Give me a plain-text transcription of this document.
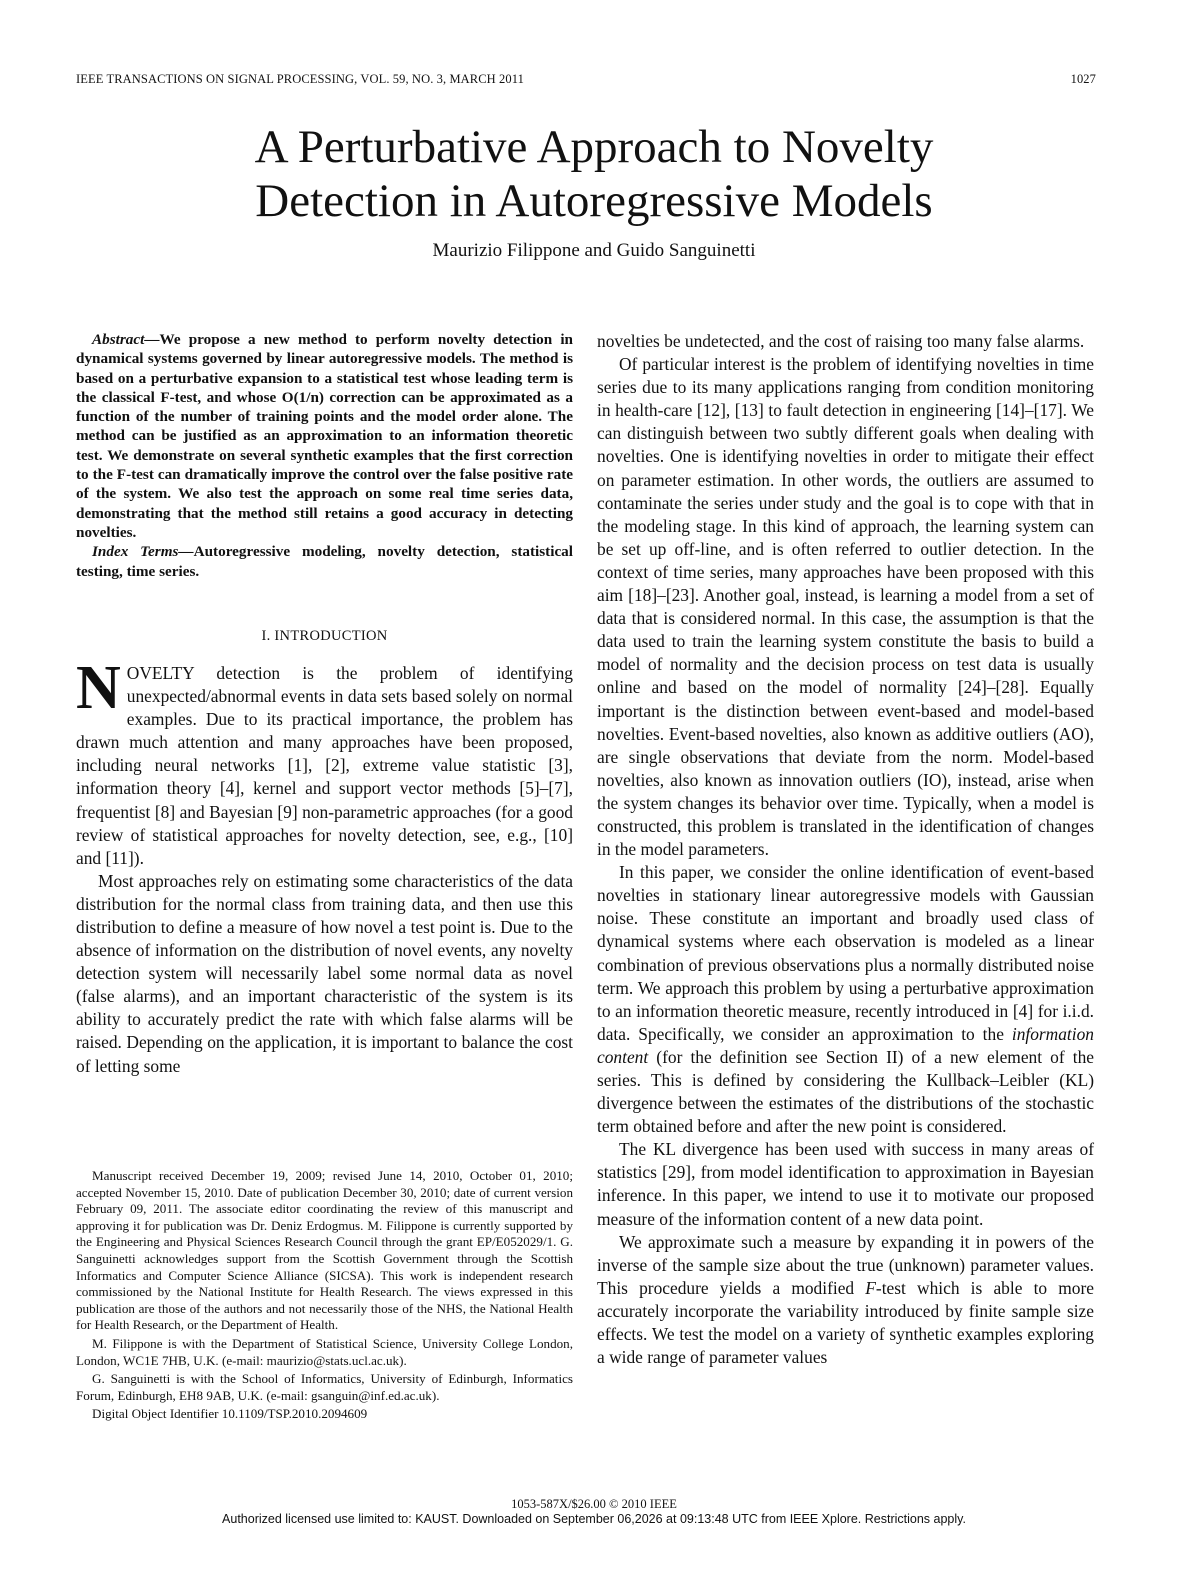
IEEE TRANSACTIONS ON SIGNAL PROCESSING, VOL. 59, NO. 3, MARCH 2011	1027
A Perturbative Approach to Novelty
Detection in Autoregressive Models
Maurizio Filippone and Guido Sanguinetti

Abstract—We propose a new method to perform novelty detection in dynamical systems governed by linear autoregressive models. The method is based on a perturbative expansion to a statistical test whose leading term is the classical F-test, and whose O(1/n) correction can be approximated as a function of the number of training points and the model order alone. The method can be justified as an approximation to an information theoretic test. We demonstrate on several synthetic examples that the first correction to the F-test can dramatically improve the control over the false positive rate of the system. We also test the approach on some real time series data, demonstrating that the method still retains a good accuracy in detecting novelties.

Index Terms—Autoregressive modeling, novelty detection, statistical testing, time series.

I. INTRODUCTION

NOVELTY detection is the problem of identifying unexpected/abnormal events in data sets based solely on normal examples. Due to its practical importance, the problem has drawn much attention and many approaches have been proposed, including neural networks [1], [2], extreme value statistic [3], information theory [4], kernel and support vector methods [5]–[7], frequentist [8] and Bayesian [9] non-parametric approaches (for a good review of statistical approaches for novelty detection, see, e.g., [10] and [11]).

Most approaches rely on estimating some characteristics of the data distribution for the normal class from training data, and then use this distribution to define a measure of how novel a test point is. Due to the absence of information on the distribution of novel events, any novelty detection system will necessarily label some normal data as novel (false alarms), and an important characteristic of the system is its ability to accurately predict the rate with which false alarms will be raised. Depending on the application, it is important to balance the cost of letting some

novelties be undetected, and the cost of raising too many false alarms.

Of particular interest is the problem of identifying novelties in time series due to its many applications ranging from condition monitoring in health-care [12], [13] to fault detection in engineering [14]–[17]. We can distinguish between two subtly different goals when dealing with novelties. One is identifying novelties in order to mitigate their effect on parameter estimation. In other words, the outliers are assumed to contaminate the series under study and the goal is to cope with that in the modeling stage. In this kind of approach, the learning system can be set up off-line, and is often referred to outlier detection. In the context of time series, many approaches have been proposed with this aim [18]–[23]. Another goal, instead, is learning a model from a set of data that is considered normal. In this case, the assumption is that the data used to train the learning system constitute the basis to build a model of normality and the decision process on test data is usually online and based on the model of normality [24]–[28]. Equally important is the distinction between event-based and model-based novelties. Event-based novelties, also known as additive outliers (AO), are single observations that deviate from the norm. Model-based novelties, also known as innovation outliers (IO), instead, arise when the system changes its behavior over time. Typically, when a model is constructed, this problem is translated in the identification of changes in the model parameters.

In this paper, we consider the online identification of event-based novelties in stationary linear autoregressive models with Gaussian noise. These constitute an important and broadly used class of dynamical systems where each observation is modeled as a linear combination of previous observations plus a normally distributed noise term. We approach this problem by using a perturbative approximation to an information theoretic measure, recently introduced in [4] for i.i.d. data. Specifically, we consider an approximation to the information content (for the definition see Section II) of a new element of the series. This is defined by considering the Kullback–Leibler (KL) divergence between the estimates of the distributions of the stochastic term obtained before and after the new point is considered.

The KL divergence has been used with success in many areas of statistics [29], from model identification to approximation in Bayesian inference. In this paper, we intend to use it to motivate our proposed measure of the information content of a new data point.

We approximate such a measure by expanding it in powers of the inverse of the sample size about the true (unknown) parameter values. This procedure yields a modified F-test which is able to more accurately incorporate the variability introduced by finite sample size effects. We test the model on a variety of synthetic examples exploring a wide range of parameter values

Manuscript received December 19, 2009; revised June 14, 2010, October 01, 2010; accepted November 15, 2010. Date of publication December 30, 2010; date of current version February 09, 2011. The associate editor coordinating the review of this manuscript and approving it for publication was Dr. Deniz Erdogmus. M. Filippone is currently supported by the Engineering and Physical Sciences Research Council through the grant EP/E052029/1. G. Sanguinetti acknowledges support from the Scottish Government through the Scottish Informatics and Computer Science Alliance (SICSA). This work is independent research commissioned by the National Institute for Health Research. The views expressed in this publication are those of the authors and not necessarily those of the NHS, the National Health for Health Research, or the Department of Health.

M. Filippone is with the Department of Statistical Science, University College London, London, WC1E 7HB, U.K. (e-mail: maurizio@stats.ucl.ac.uk).

G. Sanguinetti is with the School of Informatics, University of Edinburgh, Informatics Forum, Edinburgh, EH8 9AB, U.K. (e-mail: gsanguin@inf.ed.ac.uk).

Digital Object Identifier 10.1109/TSP.2010.2094609

1053-587X/$26.00 © 2010 IEEE
Authorized licensed use limited to: KAUST. Downloaded on September 06,2026 at 09:13:48 UTC from IEEE Xplore. Restrictions apply.
